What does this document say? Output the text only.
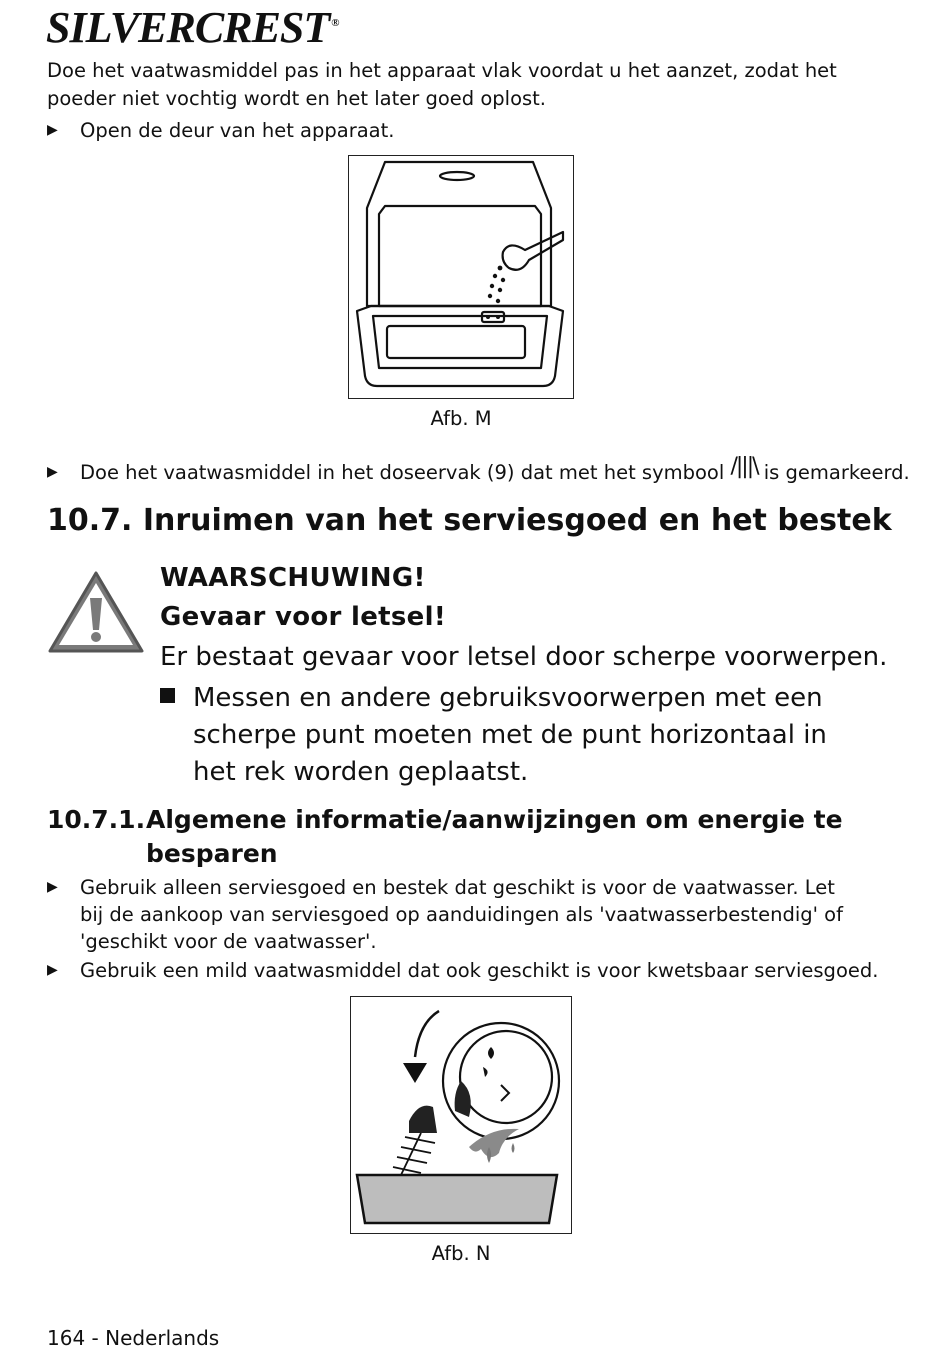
SILVERCREST ®
Doe het vaatwasmiddel pas in het apparaat vlak voordat u het aanzet, zodat het poeder niet vochtig wordt en het later goed oplost.
▶ Open de deur van het apparaat.
Afb. M
▶ Doe het vaatwasmiddel in het doseervak (9) dat met het symbool /|||\ is gemarkeerd.
10.7. Inruimen van het serviesgoed en het bestek
WAARSCHUWING!
Gevaar voor letsel!
Er bestaat gevaar voor letsel door scherpe voorwerpen.
Messen en andere gebruiksvoorwerpen met een scherpe punt moeten met de punt horizontaal in het rek worden geplaatst.
10.7.1. Algemene informatie/aanwijzingen om energie te besparen
▶ Gebruik alleen serviesgoed en bestek dat geschikt is voor de vaatwasser. Let bij de aankoop van serviesgoed op aanduidingen als 'vaatwasserbestendig' of 'geschikt voor de vaatwasser'.
▶ Gebruik een mild vaatwasmiddel dat ook geschikt is voor kwetsbaar serviesgoed.
Afb. N
164 - Nederlands
